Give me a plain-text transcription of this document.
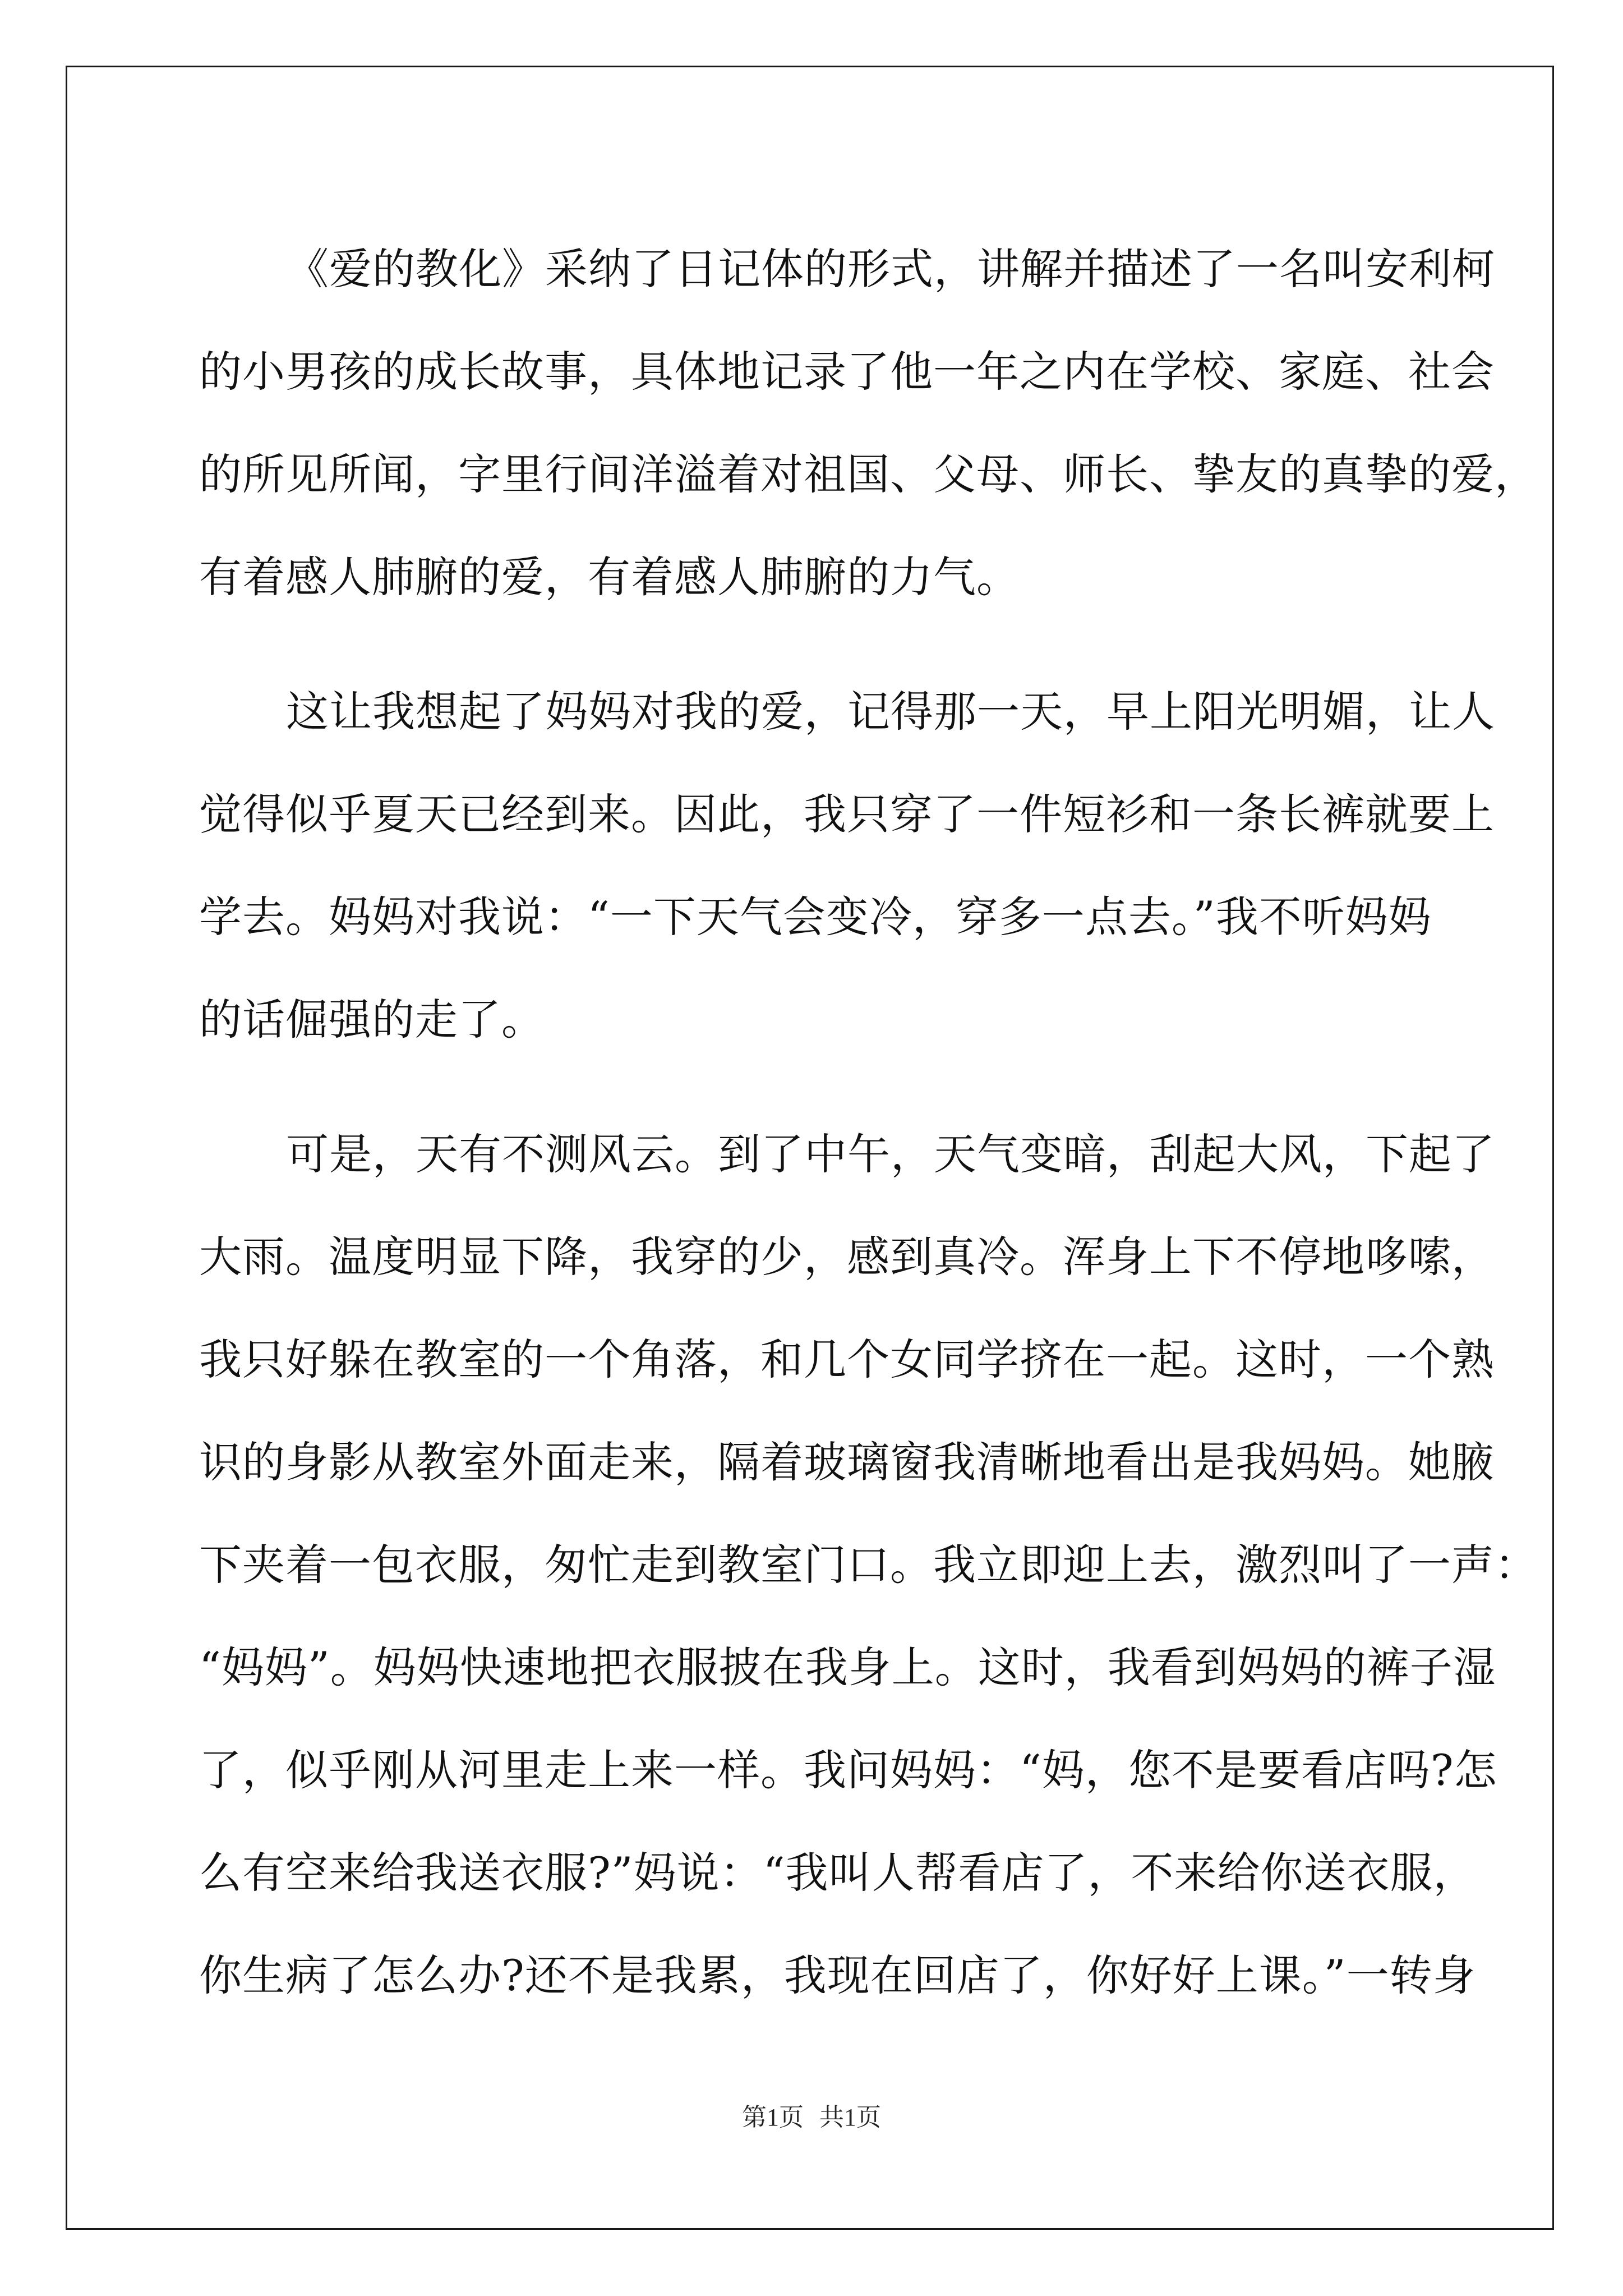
《爱的教化》采纳了日记体的形式，讲解并描述了一名叫安利柯
的小男孩的成长故事，具体地记录了他一年之内在学校、家庭、社会
的所见所闻，字里行间洋溢着对祖国、父母、师长、挚友的真挚的爱，
有着感人肺腑的爱，有着感人肺腑的力气。
这让我想起了妈妈对我的爱，记得那一天，早上阳光明媚，让人
觉得似乎夏天已经到来。因此，我只穿了一件短衫和一条长裤就要上
学去。妈妈对我说：“一下天气会变冷，穿多一点去。”我不听妈妈
的话倔强的走了。
可是，天有不测风云。到了中午，天气变暗，刮起大风，下起了
大雨。温度明显下降，我穿的少，感到真冷。浑身上下不停地哆嗦，
我只好躲在教室的一个角落，和几个女同学挤在一起。这时，一个熟
识的身影从教室外面走来，隔着玻璃窗我清晰地看出是我妈妈。她腋
下夹着一包衣服，匆忙走到教室门口。我立即迎上去，激烈叫了一声：
“妈妈”。妈妈快速地把衣服披在我身上。这时，我看到妈妈的裤子湿
了，似乎刚从河里走上来一样。我问妈妈：“妈，您不是要看店吗?怎
么有空来给我送衣服?”妈说：“我叫人帮看店了，不来给你送衣服，
你生病了怎么办?还不是我累，我现在回店了，你好好上课。”一转身
第1页 共1页
